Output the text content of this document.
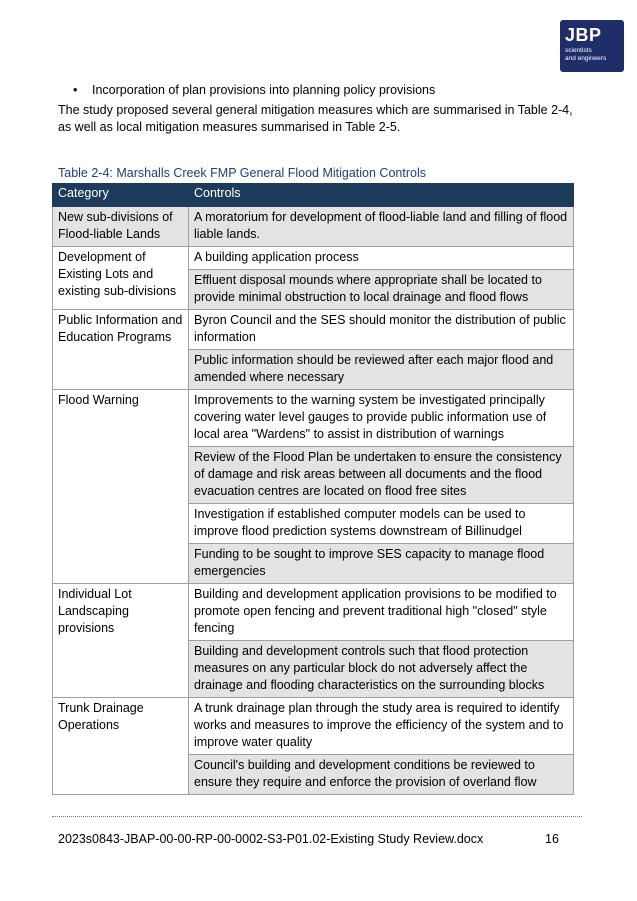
JBP
scientists
and engineers
• Incorporation of plan provisions into planning policy provisions
The study proposed several general mitigation measures which are summarised in Table 2-4, as well as local mitigation measures summarised in Table 2-5.
Table 2-4: Marshalls Creek FMP General Flood Mitigation Controls
Category	Controls
New sub-divisions of Flood-liable Lands	A moratorium for development of flood-liable land and filling of flood liable lands.
Development of Existing Lots and existing sub-divisions	A building application process
	Effluent disposal mounds where appropriate shall be located to provide minimal obstruction to local drainage and flood flows
Public Information and Education Programs	Byron Council and the SES should monitor the distribution of public information
	Public information should be reviewed after each major flood and amended where necessary
Flood Warning	Improvements to the warning system be investigated principally covering water level gauges to provide public information use of local area "Wardens" to assist in distribution of warnings
	Review of the Flood Plan be undertaken to ensure the consistency of damage and risk areas between all documents and the flood evacuation centres are located on flood free sites
	Investigation if established computer models can be used to improve flood prediction systems downstream of Billinudgel
	Funding to be sought to improve SES capacity to manage flood emergencies
Individual Lot Landscaping provisions	Building and development application provisions to be modified to promote open fencing and prevent traditional high "closed" style fencing
	Building and development controls such that flood protection measures on any particular block do not adversely affect the drainage and flooding characteristics on the surrounding blocks
Trunk Drainage Operations	A trunk drainage plan through the study area is required to identify works and measures to improve the efficiency of the system and to improve water quality
	Council's building and development conditions be reviewed to ensure they require and enforce the provision of overland flow
2023s0843-JBAP-00-00-RP-00-0002-S3-P01.02-Existing Study Review.docx	16
